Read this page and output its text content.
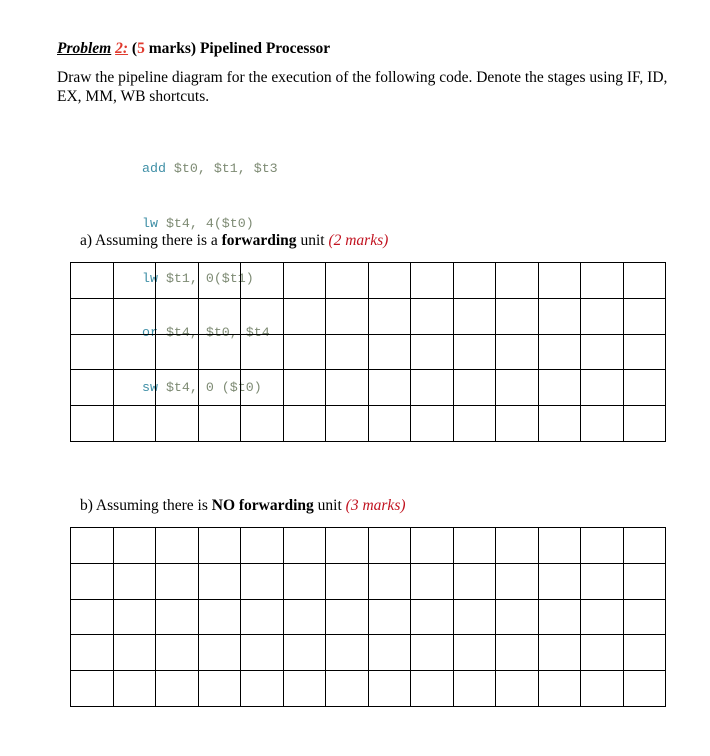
Problem 2: (5 marks) Pipelined Processor
Draw the pipeline diagram for the execution of the following code. Denote the stages using IF, ID, EX, MM, WB shortcuts.

add $t0, $t1, $t3

lw $t4, 4($t0)

lw $t1, 0($t1)

or $t4, $t0, $t4

sw $t4, 0 ($t0)

a) Assuming there is a forwarding unit (2 marks)

b) Assuming there is NO forwarding unit (3 marks)
